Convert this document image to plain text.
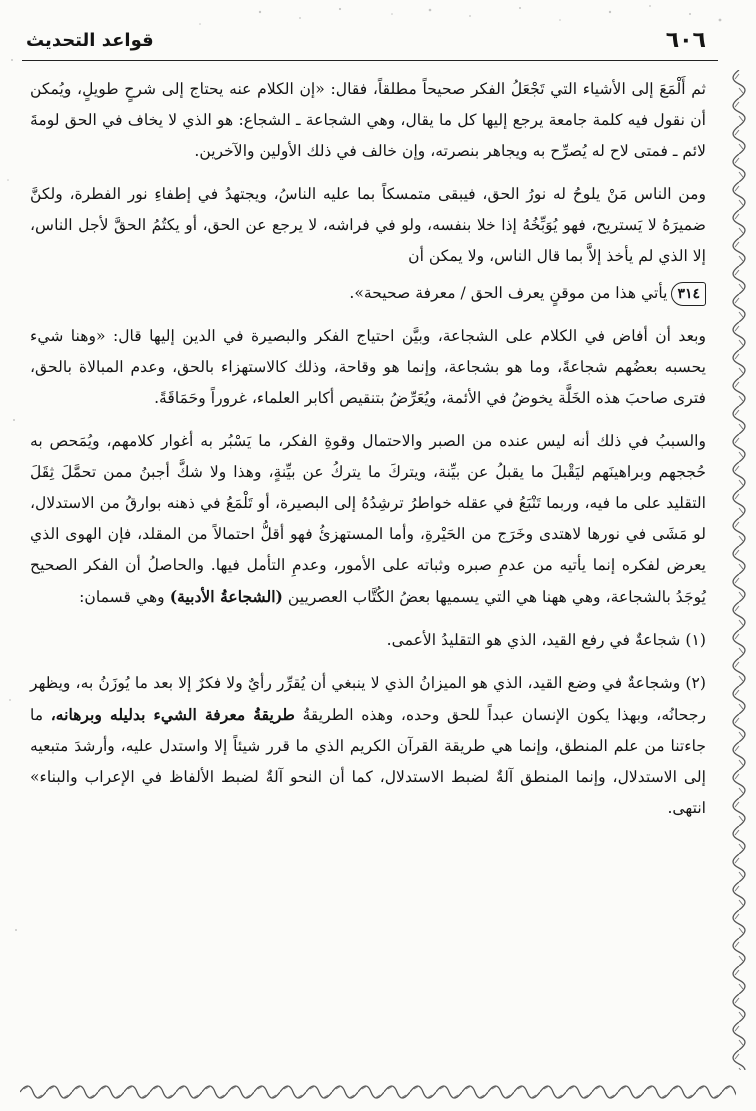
٦٠٦
قواعد التحديث

ثم أَلْمَعَ إلى الأشياء التي تَجْعَلُ الفكر صحيحاً مطلقاً، فقال: «إن الكلام عنه يحتاج إلى شرحٍ طويلٍ، ويُمكن أن نقول فيه كلمة جامعة يرجع إليها كل ما يقال، وهي الشجاعة ـ الشجاع: هو الذي لا يخاف في الحق لومةَ لائم ـ فمتى لاح له يُصرِّح به ويجاهر بنصرته، وإن خالف في ذلك الأولين والآخرين.

ومن الناس مَنْ يلوحُ له نورُ الحق، فيبقى متمسكاً بما عليه الناسُ، ويجتهدُ في إطفاءِ نور الفطرة، ولكنَّ ضميرَهُ لا يَستريح، فهو يُوَبِّخُهُ إذا خلا بنفسه، ولو في فراشه، لا يرجع عن الحق، أو يكتُمُ الحقَّ لأجل الناس، إلا الذي لم يأخذ إلاَّ بما قال الناس، ولا يمكن أن

٣١٤يأتي هذا من موقنٍ يعرف الحق / معرفة صحيحة».

وبعد أن أفاض في الكلام على الشجاعة، وبيَّن احتياج الفكر والبصيرة في الدين إليها قال: «وهنا شيء يحسبه بعضُهم شجاعةً، وما هو بشجاعة، وإنما هو وقاحة، وذلك كالاستهزاء بالحق، وعدم المبالاة بالحق، فترى صاحبَ هذه الخَلَّة يخوضُ في الأئمة، ويُعَرِّضُ بتنقيص أكابر العلماء، غروراً وحَمَاقَةً.

والسببُ في ذلك أنه ليس عنده من الصبر والاحتمال وقوةِ الفكر، ما يَسْبُر به أغوار كلامهم، ويُمَحص به حُججهم وبراهينَهم ليَقْبلَ ما يقبلُ عن بيِّنة، ويتركَ ما يتركُ عن بيِّنةٍ، وهذا ولا شكَّ أجبنُ ممن تحمَّلَ ثِقَلَ التقليد على ما فيه، وربما تَنْبَعُ في عقله خواطرُ ترشِدُهُ إلى البصيرة، أو تَلْمَعُ في ذهنه بوارقُ من الاستدلال، لو مَشَى في نورها لاهتدى وخَرَج من الحَيْرةِ، وأما المستهزئُ فهو أقلُّ احتمالاً من المقلد، فإن الهوى الذي يعرض لفكره إنما يأتيه من عدمِ صبره وثباته على الأمور، وعدمِ التأمل فيها. والحاصلُ أن الفكر الصحيح يُوجَدُ بالشجاعة، وهي ههنا هي التي يسميها بعضُ الكُتَّاب العصريين (الشجاعةُ الأدبية) وهي قسمان:

(١) شجاعةٌ في رفع القيد، الذي هو التقليدُ الأعمى.

(٢) وشجاعةٌ في وضع القيد، الذي هو الميزانُ الذي لا ينبغي أن يُقرِّر رأيٌ ولا فكرٌ إلا بعد ما يُوزَنُ به، ويظهر رجحانُه، وبهذا يكون الإنسان عبداً للحق وحده، وهذه الطريقةُ طريقةُ معرفة الشيء بدليله وبرهانه، ما جاءتنا من علم المنطق، وإنما هي طريقة القرآن الكريم الذي ما قرر شيئاً إلا واستدل عليه، وأرشدَ متبعيه إلى الاستدلال، وإنما المنطق آلةٌ لضبط الاستدلال، كما أن النحو آلةٌ لضبط الألفاظ في الإعراب والبناء» انتهى.
